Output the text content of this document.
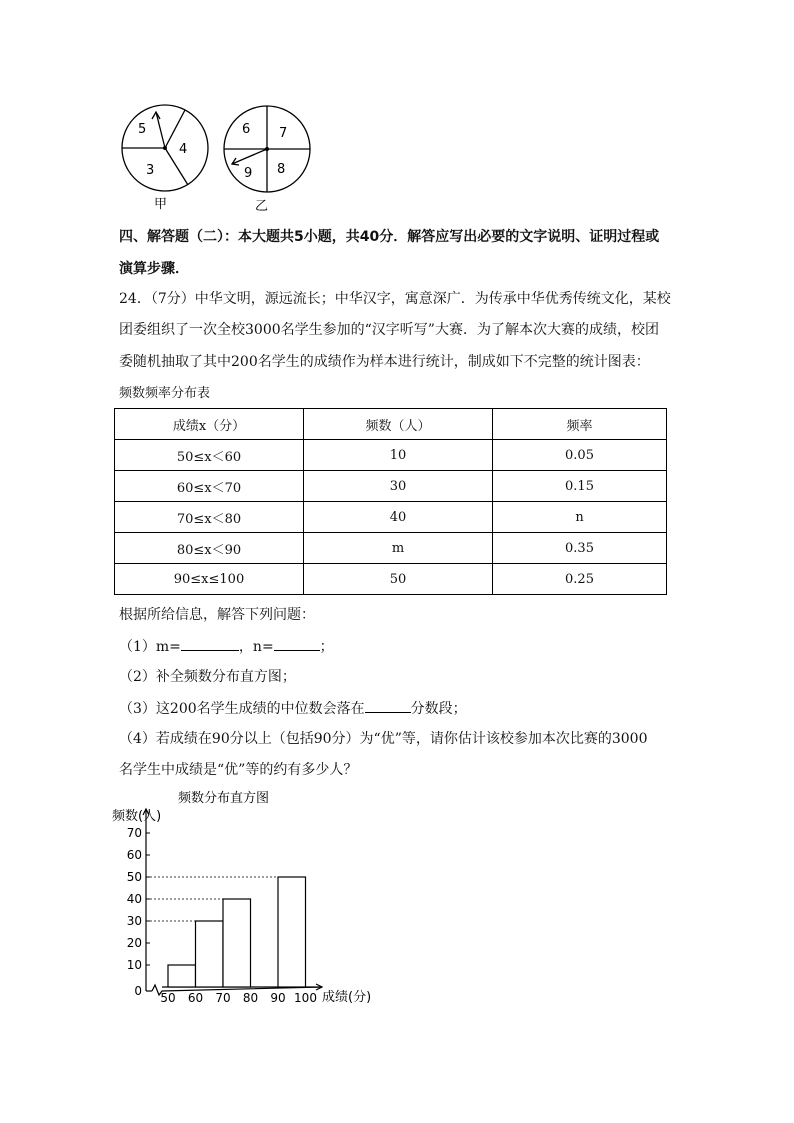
5
4
3
甲
6 7
9 8
乙
四、解答题（二）：本大题共5小题，共40分．解答应写出必要的文字说明、证明过程或
演算步骤．
24．（7分）中华文明，源远流长；中华汉字，寓意深广．为传承中华优秀传统文化，某校
团委组织了一次全校3000名学生参加的“汉字听写”大赛．为了解本次大赛的成绩，校团
委随机抽取了其中200名学生的成绩作为样本进行统计，制成如下不完整的统计图表：
频数频率分布表
成绩x（分）	频数（人）	频率
50≤x＜60	10	0.05
60≤x＜70	30	0.15
70≤x＜80	40	n
80≤x＜90	m	0.35
90≤x≤100	50	0.25
根据所给信息，解答下列问题：
（1）m=	，n=	；
（2）补全频数分布直方图；
（3）这200名学生成绩的中位数会落在	分数段；
（4）若成绩在90分以上（包括90分）为“优”等，请你估计该校参加本次比赛的3000
名学生中成绩是“优”等的约有多少人？
频数分布直方图
频数(人)
成绩(分)
0
10
20
30
40
50
60
70
50 60 70 80 90 100
